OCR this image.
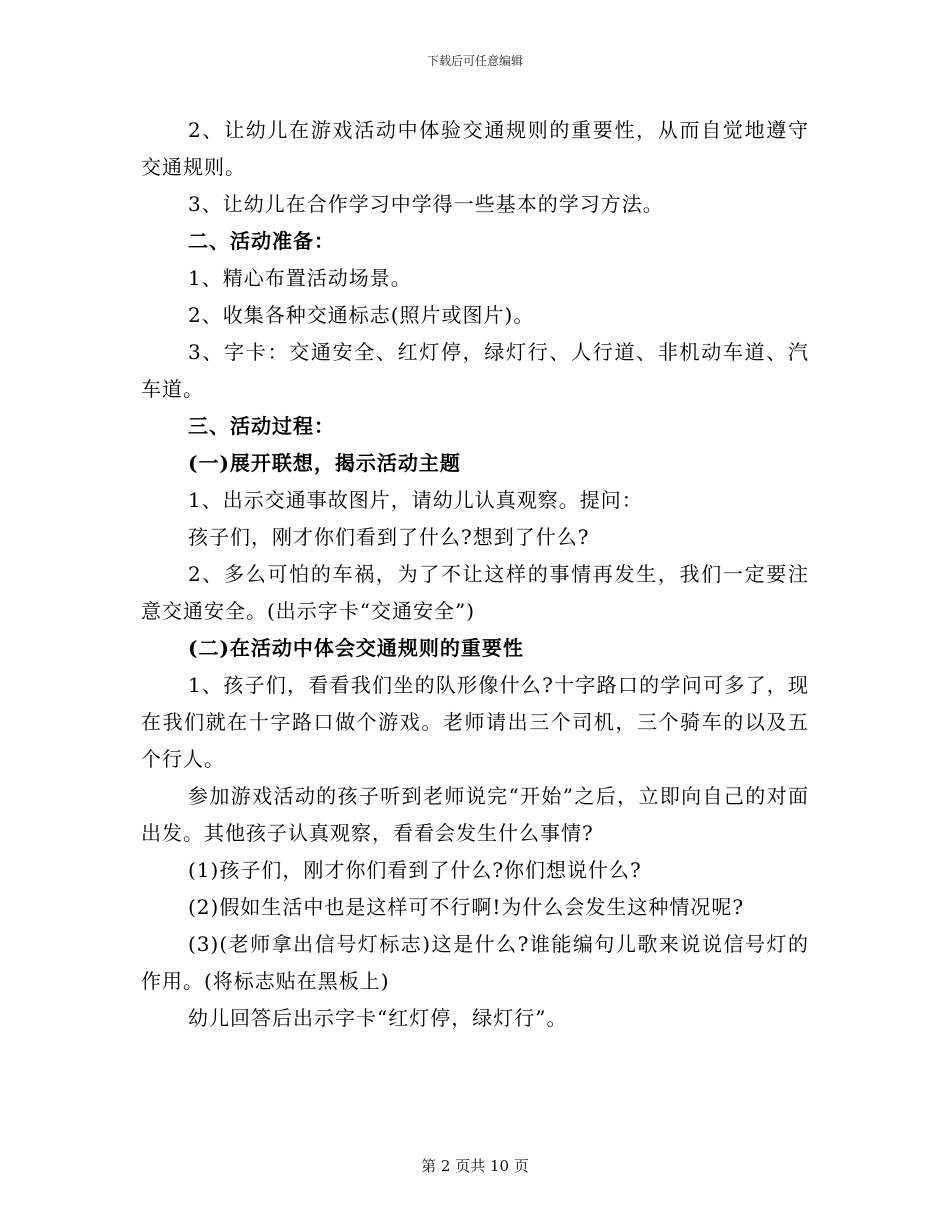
下载后可任意编辑

2、让幼儿在游戏活动中体验交通规则的重要性，从而自觉地遵守交通规则。

3、让幼儿在合作学习中学得一些基本的学习方法。

二、活动准备：

1、精心布置活动场景。

2、收集各种交通标志(照片或图片)。

3、字卡：交通安全、红灯停，绿灯行、人行道、非机动车道、汽车道。

三、活动过程：

(一)展开联想，揭示活动主题

1、出示交通事故图片，请幼儿认真观察。提问：

孩子们，刚才你们看到了什么?想到了什么?

2、多么可怕的车祸，为了不让这样的事情再发生，我们一定要注意交通安全。(出示字卡“交通安全”)

(二)在活动中体会交通规则的重要性

1、孩子们，看看我们坐的队形像什么?十字路口的学问可多了，现在我们就在十字路口做个游戏。老师请出三个司机，三个骑车的以及五个行人。

参加游戏活动的孩子听到老师说完“开始”之后，立即向自己的对面出发。其他孩子认真观察，看看会发生什么事情?

(1)孩子们，刚才你们看到了什么?你们想说什么?

(2)假如生活中也是这样可不行啊!为什么会发生这种情况呢?

(3)(老师拿出信号灯标志)这是什么?谁能编句儿歌来说说信号灯的作用。(将标志贴在黑板上)

幼儿回答后出示字卡“红灯停，绿灯行”。

第 2 页共 10 页
